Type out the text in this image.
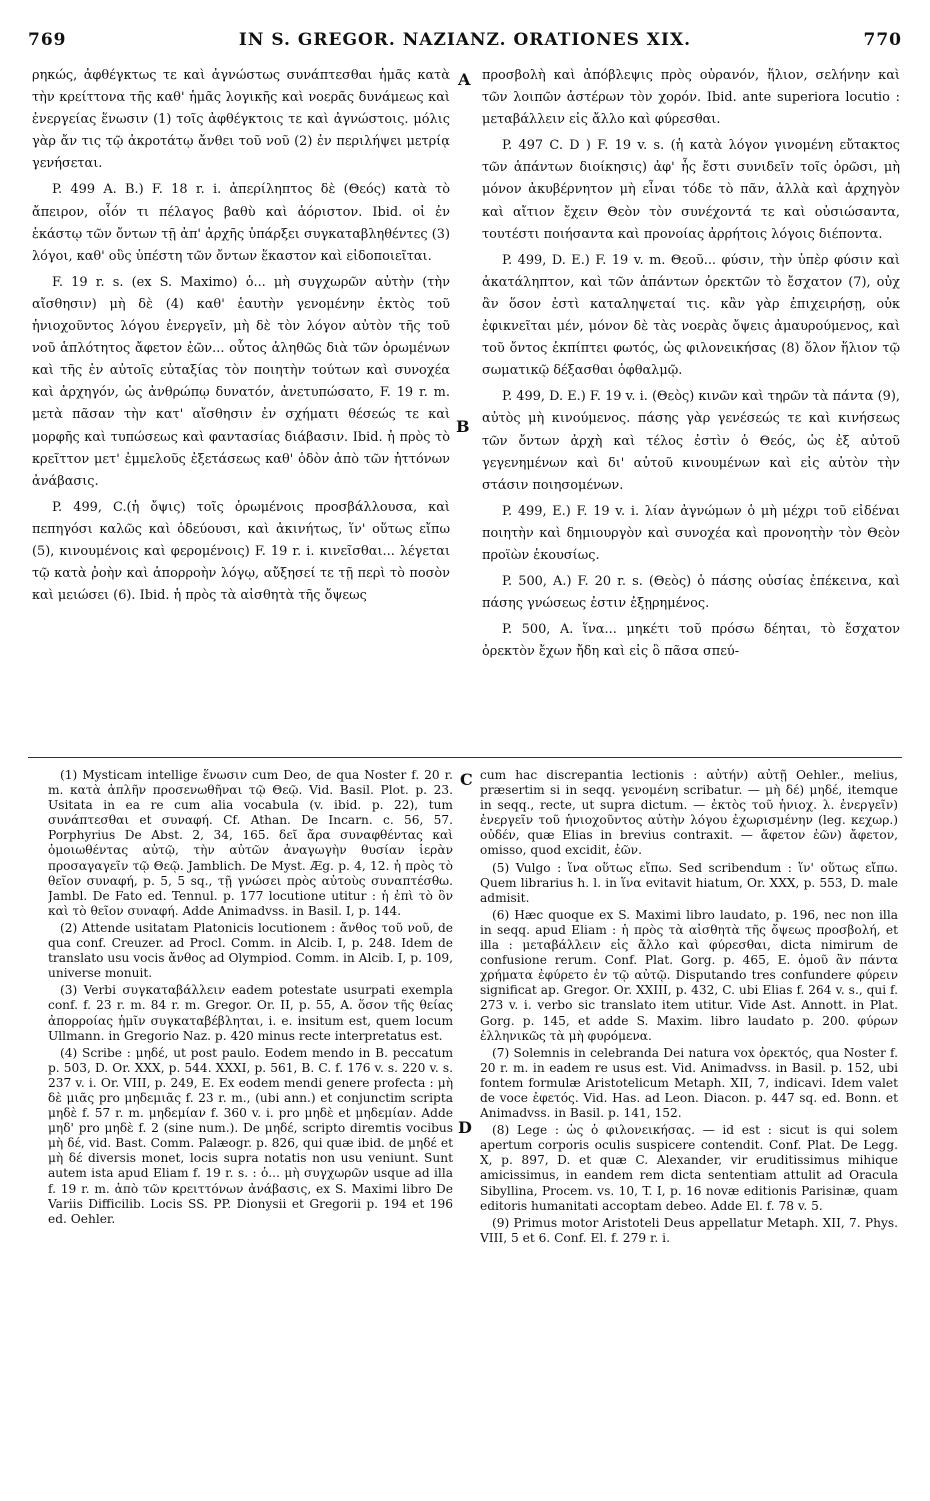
769	IN S. GREGOR. NAZIANZ. ORATIONES XIX.	770

ρηκώς, ἀφθέγκτως τε καὶ ἀγνώστως συνάπτεσθαι ἡμᾶς κατὰ τὴν κρείττονα τῆς καθ' ἡμᾶς λογικῆς καὶ νοερᾶς δυνάμεως καὶ ἐνεργείας ἕνωσιν (1) τοῖς ἀφθέγκτοις τε καὶ ἀγνώστοις. μόλις γὰρ ἄν τις τῷ ἀκροτάτῳ ἄνθει τοῦ νοῦ (2) ἐν περιλήψει μετρίᾳ γενήσεται.

P. 499 A. B.) F. 18 r. i. ἀπερίληπτος δὲ (Θεός) κατὰ τὸ ἄπειρον, οἷόν τι πέλαγος βαθὺ καὶ ἀόριστον. Ibid. οἱ ἐν ἑκάστῳ τῶν ὄντων τῇ ἀπ' ἀρχῆς ὑπάρξει συγκαταβληθέντες (3) λόγοι, καθ' οὓς ὑπέστη τῶν ὄντων ἕκαστον καὶ εἰδοποιεῖται.

F. 19 r. s. (ex S. Maximo) ὁ... μὴ συγχωρῶν αὐτὴν (τὴν αἴσθησιν) μὴ δὲ (4) καθ' ἑαυτὴν γενομένην ἐκτὸς τοῦ ἡνιοχοῦντος λόγου ἐνεργεῖν, μὴ δὲ τὸν λόγον αὐτὸν τῆς τοῦ νοῦ ἁπλότητος ἄφετον ἐῶν... οὗτος ἀληθῶς διὰ τῶν ὁρωμένων καὶ τῆς ἐν αὐτοῖς εὐταξίας τὸν ποιητὴν τούτων καὶ συνοχέα καὶ ἀρχηγόν, ὡς ἀνθρώπῳ δυνατόν, ἀνετυπώσατο, F. 19 r. m. μετὰ πᾶσαν τὴν κατ' αἴσθησιν ἐν σχήματι θέσεώς τε καὶ μορφῆς καὶ τυπώσεως καὶ φαντασίας διάβασιν. Ibid. ἡ πρὸς τὸ κρεῖττον μετ' ἐμμελοῦς ἐξετάσεως καθ' ὁδὸν ἀπὸ τῶν ἡττόνων ἀνάβασις.

P. 499, C.(ἡ ὄψις) τοῖς ὁρωμένοις προσβάλλουσα, καὶ πεπηγόσι καλῶς καὶ ὁδεύουσι, καὶ ἀκινήτως, ἵν' οὕτως εἴπω (5), κινουμένοις καὶ φερομένοις) F. 19 r. i. κινεῖσθαι... λέγεται τῷ κατὰ ῥοὴν καὶ ἀπορροὴν λόγῳ, αὔξησεί τε τῇ περὶ τὸ ποσὸν καὶ μειώσει (6). Ibid. ἡ πρὸς τὰ αἰσθητὰ τῆς ὄψεως

προσβολὴ καὶ ἀπόβλεψις πρὸς οὐρανόν, ἥλιον, σελήνην καὶ τῶν λοιπῶν ἀστέρων τὸν χορόν. Ibid. ante superiora locutio : μεταβάλλειν εἰς ἄλλο καὶ φύρεσθαι.

P. 497 C. D ) F. 19 v. s. (ἡ κατὰ λόγον γινομένη εὔτακτος τῶν ἁπάντων διοίκησις) ἀφ' ἧς ἔστι συνιδεῖν τοῖς ὁρῶσι, μὴ μόνον ἀκυβέρνητον μὴ εἶναι τόδε τὸ πᾶν, ἀλλὰ καὶ ἀρχηγὸν καὶ αἴτιον ἔχειν Θεὸν τὸν συνέχοντά τε καὶ οὐσιώσαντα, τουτέστι ποιήσαντα καὶ προνοίας ἀρρήτοις λόγοις διέποντα.

P. 499, D. E.) F. 19 v. m. Θεοῦ... φύσιν, τὴν ὑπὲρ φύσιν καὶ ἀκατάληπτον, καὶ τῶν ἁπάντων ὀρεκτῶν τὸ ἔσχατον (7), οὐχ ἂν ὅσον ἐστὶ καταληψεταί τις. κἂν γὰρ ἐπιχειρήσῃ, οὐκ ἐφικνεῖται μέν, μόνον δὲ τὰς νοερὰς ὄψεις ἀμαυρούμενος, καὶ τοῦ ὄντος ἐκπίπτει φωτός, ὡς φιλονεικήσας (8) ὅλον ἥλιον τῷ σωματικῷ δέξασθαι ὀφθαλμῷ.

P. 499, D. E.) F. 19 v. i. (Θεὸς) κινῶν καὶ τηρῶν τὰ πάντα (9), αὐτὸς μὴ κινούμενος. πάσης γὰρ γενέσεώς τε καὶ κινήσεως τῶν ὄντων ἀρχὴ καὶ τέλος ἐστὶν ὁ Θεός, ὡς ἐξ αὐτοῦ γεγενημένων καὶ δι' αὐτοῦ κινουμένων καὶ εἰς αὐτὸν τὴν στάσιν ποιησομένων.

P. 499, E.) F. 19 v. i. λίαν ἀγνώμων ὁ μὴ μέχρι τοῦ εἰδέναι ποιητὴν καὶ δημιουργὸν καὶ συνοχέα καὶ προνοητὴν τὸν Θεὸν προϊὼν ἑκουσίως.

P. 500, A.) F. 20 r. s. (Θεὸς) ὁ πάσης οὐσίας ἐπέκεινα, καὶ πάσης γνώσεως ἐστιν ἐξῃρημένος.

P. 500, A. ἵνα... μηκέτι τοῦ πρόσω δέηται, τὸ ἔσχατον ὀρεκτὸν ἔχων ἤδη καὶ εἰς ὃ πᾶσα σπεύ-

A
B
C
D

(1) Mysticam intellige ἕνωσιν cum Deo, de qua Noster f. 20 r. m. κατὰ ἁπλῆν προσενωθῆναι τῷ Θεῷ. Vid. Basil. Plot. p. 23. Usitata in ea re cum alia vocabula (v. ibid. p. 22), tum συνάπτεσθαι et συναφή. Cf. Athan. De Incarn. c. 56, 57. Porphyrius De Abst. 2, 34, 165. δεῖ ἄρα συναφθέντας καὶ ὁμοιωθέντας αὐτῷ, τὴν αὐτῶν ἀναγωγὴν θυσίαν ἱερὰν προσαγαγεῖν τῷ Θεῷ. Jamblich. De Myst. Æg. p. 4, 12. ἡ πρὸς τὸ θεῖον συναφή, p. 5, 5 sq., τῇ γνώσει πρὸς αὐτοὺς συναπτέσθω. Jambl. De Fato ed. Tennul. p. 177 locutione utitur : ἡ ἐπὶ τὸ ὂν καὶ τὸ θεῖον συναφή. Adde Animadvss. in Basil. I, p. 144.

(2) Attende usitatam Platonicis locutionem : ἄνθος τοῦ νοῦ, de qua conf. Creuzer. ad Procl. Comm. in Alcib. I, p. 248. Idem de translato usu vocis ἄνθος ad Olympiod. Comm. in Alcib. I, p. 109, universe monuit.

(3) Verbi συγκαταβάλλειν eadem potestate usurpati exempla conf. f. 23 r. m. 84 r. m. Gregor. Or. II, p. 55, A. ὅσον τῆς θείας ἀπορροίας ἡμῖν συγκαταβέβληται, i. e. insitum est, quem locum Ullmann. in Gregorio Naz. p. 420 minus recte interpretatus est.

(4) Scribe : μηδέ, ut post paulo. Eodem mendo in B. peccatum p. 503, D. Or. XXX, p. 544. XXXI, p. 561, B. C. f. 176 v. s. 220 v. s. 237 v. i. Or. VIII, p. 249, E. Ex eodem mendi genere profecta : μὴ δὲ μιᾶς pro μηδεμιᾶς f. 23 r. m., (ubi ann.) et conjunctim scripta μηδὲ f. 57 r. m. μηδεμίαν f. 360 v. i. pro μηδὲ et μηδεμίαν. Adde μηδ' pro μηδὲ f. 2 (sine num.). De μηδέ, scripto diremtis vocibus μὴ δέ, vid. Bast. Comm. Palæogr. p. 826, qui quæ ibid. de μηδέ et μὴ δέ diversis monet, locis supra notatis non usu veniunt. Sunt autem ista apud Eliam f. 19 r. s. : ὁ... μὴ συγχωρῶν usque ad illa f. 19 r. m. ἀπὸ τῶν κρειττόνων ἀνάβασις, ex S. Maximi libro De Variis Difficilib. Locis SS. PP. Dionysii et Gregorii p. 194 et 196 ed. Oehler.

cum hac discrepantia lectionis : αὐτήν) αὐτῇ Oehler., melius, præsertim si in seqq. γενομένη scribatur. — μὴ δέ) μηδέ, itemque in seqq., recte, ut supra dictum. — ἐκτὸς τοῦ ἡνιοχ. λ. ἐνεργεῖν) ἐνεργεῖν τοῦ ἡνιοχοῦντος αὐτὴν λόγου ἐχωρισμένην (leg. κεχωρ.) οὐδέν, quæ Elias in brevius contraxit. — ἄφετον ἐῶν) ἄφετον, omisso, quod excidit, ἐῶν.

(5) Vulgo : ἵνα οὕτως εἴπω. Sed scribendum : ἵν' οὕτως εἴπω. Quem librarius h. l. in ἵνα evitavit hiatum, Or. XXX, p. 553, D. male admisit.

(6) Hæc quoque ex S. Maximi libro laudato, p. 196, nec non illa in seqq. apud Eliam : ἡ πρὸς τὰ αἰσθητὰ τῆς ὄψεως προσβολή, et illa : μεταβάλλειν εἰς ἄλλο καὶ φύρεσθαι, dicta nimirum de confusione rerum. Conf. Plat. Gorg. p. 465, E. ὁμοῦ ἂν πάντα χρήματα ἐφύρετο ἐν τῷ αὐτῷ. Disputando tres confundere φύρειν significat ap. Gregor. Or. XXIII, p. 432, C. ubi Elias f. 264 v. s., qui f. 273 v. i. verbo sic translato item utitur. Vide Ast. Annott. in Plat. Gorg. p. 145, et adde S. Maxim. libro laudato p. 200. φύρων ἑλληνικῶς τὰ μὴ φυρόμενα.

(7) Solemnis in celebranda Dei natura vox ὀρεκτός, qua Noster f. 20 r. m. in eadem re usus est. Vid. Animadvss. in Basil. p. 152, ubi fontem formulæ Aristotelicum Metaph. XII, 7, indicavi. Idem valet de voce ἐφετός. Vid. Has. ad Leon. Diacon. p. 447 sq. ed. Bonn. et Animadvss. in Basil. p. 141, 152.

(8) Lege : ὡς ὁ φιλονεικήσας. — id est : sicut is qui solem apertum corporis oculis suspicere contendit. Conf. Plat. De Legg. X, p. 897, D. et quæ C. Alexander, vir eruditissimus mihique amicissimus, in eandem rem dicta sententiam attulit ad Oracula Sibyllina, Procem. vs. 10, T. I, p. 16 novæ editionis Parisinæ, quam editoris humanitati accoptam debeo. Adde El. f. 78 v. 5.

(9) Primus motor Aristoteli Deus appellatur Metaph. XII, 7. Phys. VIII, 5 et 6. Conf. El. f. 279 r. i.
